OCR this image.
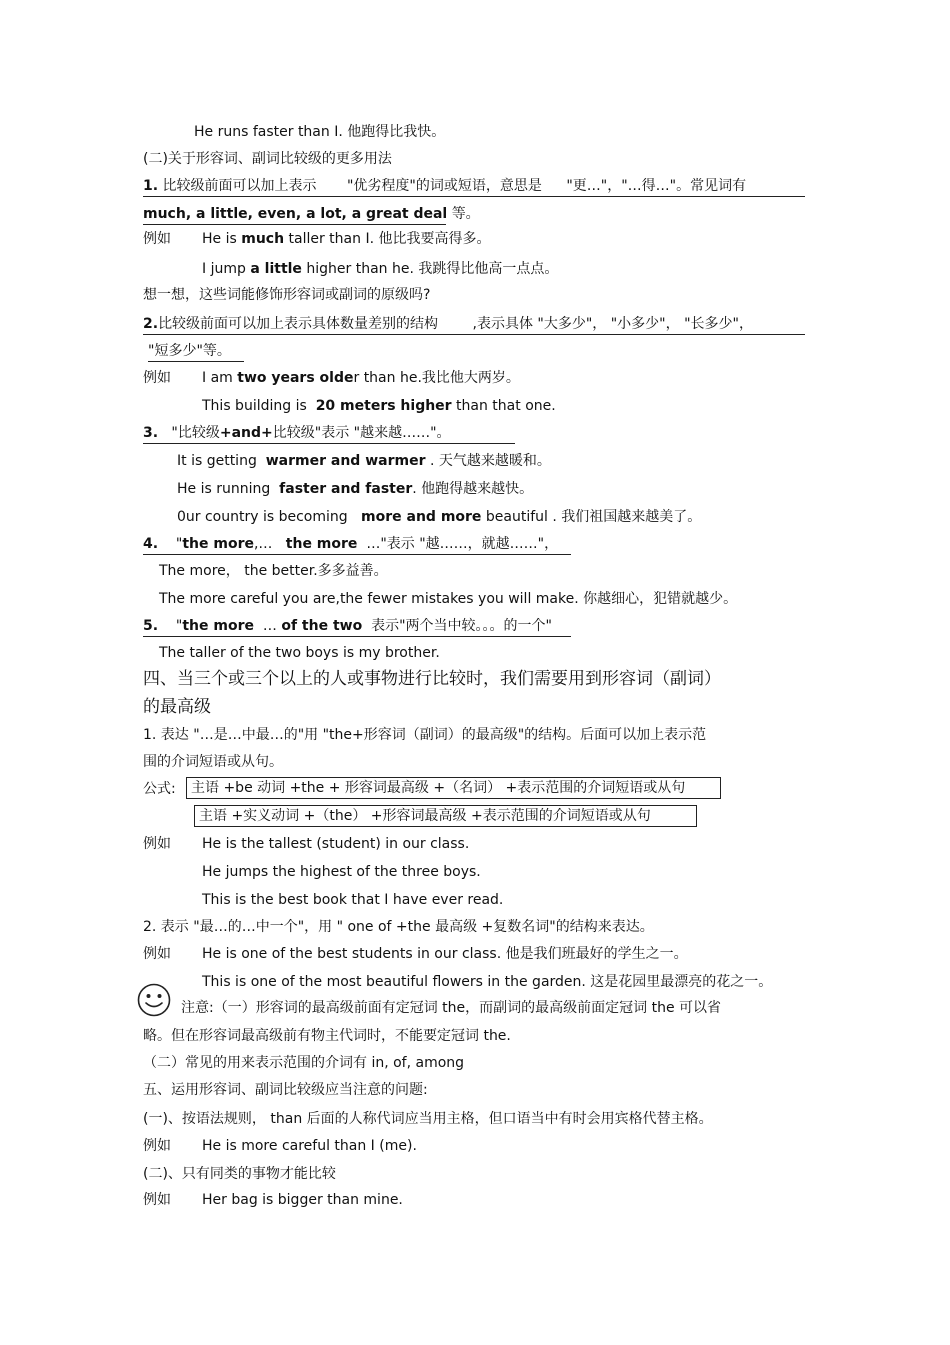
He runs faster than I. 他跑得比我快。
(二)关于形容词、副词比较级的更多用法
1. 比较级前面可以加上表示 "优劣程度"的词或短语，意思是 "更…"，"…得…"。常见词有
much, a little, even, a lot, a great deal 等。
例如 He is much taller than I. 他比我要高得多。
I jump a little higher than he. 我跳得比他高一点点。
想一想，这些词能修饰形容词或副词的原级吗?
2.比较级前面可以加上表示具体数量差别的结构 ,表示具体 "大多少"， "小多少"， "长多少"，
"短多少"等。
例如 I am two years older than he.我比他大两岁。
This building is 20 meters higher than that one.
3. "比较级+and+比较级"表示 "越来越……"。
It is getting warmer and warmer . 天气越来越暖和。
He is running faster and faster. 他跑得越来越快。
0ur country is becoming more and more beautiful . 我们祖国越来越美了。
4. "the more,… the more …"表示 "越……，就越……"，
The more， the better.多多益善。
The more careful you are,the fewer mistakes you will make. 你越细心，犯错就越少。
5. "the more … of the two 表示"两个当中较。。。的一个"
The taller of the two boys is my brother.
四、当三个或三个以上的人或事物进行比较时，我们需要用到形容词（副词）
的最高级
1. 表达 "…是…中最…的"用 "the+形容词（副词）的最高级"的结构。后面可以加上表示范
围的介词短语或从句。
公式:	主语 +be 动词 +the + 形容词最高级 +（名词） +表示范围的介词短语或从句
主语 +实义动词 +（the） +形容词最高级 +表示范围的介词短语或从句
例如 He is the tallest (student) in our class.
He jumps the highest of the three boys.
This is the best book that I have ever read.
2. 表示 "最…的…中一个"，用 " one of +the 最高级 +复数名词"的结构来表达。
例如 He is one of the best students in our class. 他是我们班最好的学生之一。
This is one of the most beautiful flowers in the garden. 这是花园里最漂亮的花之一。
注意:（一）形容词的最高级前面有定冠词 the，而副词的最高级前面定冠词 the 可以省
略。但在形容词最高级前有物主代词时，不能要定冠词 the.
（二）常见的用来表示范围的介词有 in, of, among
五、运用形容词、副词比较级应当注意的问题:
(一)、按语法规则， than 后面的人称代词应当用主格，但口语当中有时会用宾格代替主格。
例如 He is more careful than I (me).
(二)、只有同类的事物才能比较
例如 Her bag is bigger than mine.
